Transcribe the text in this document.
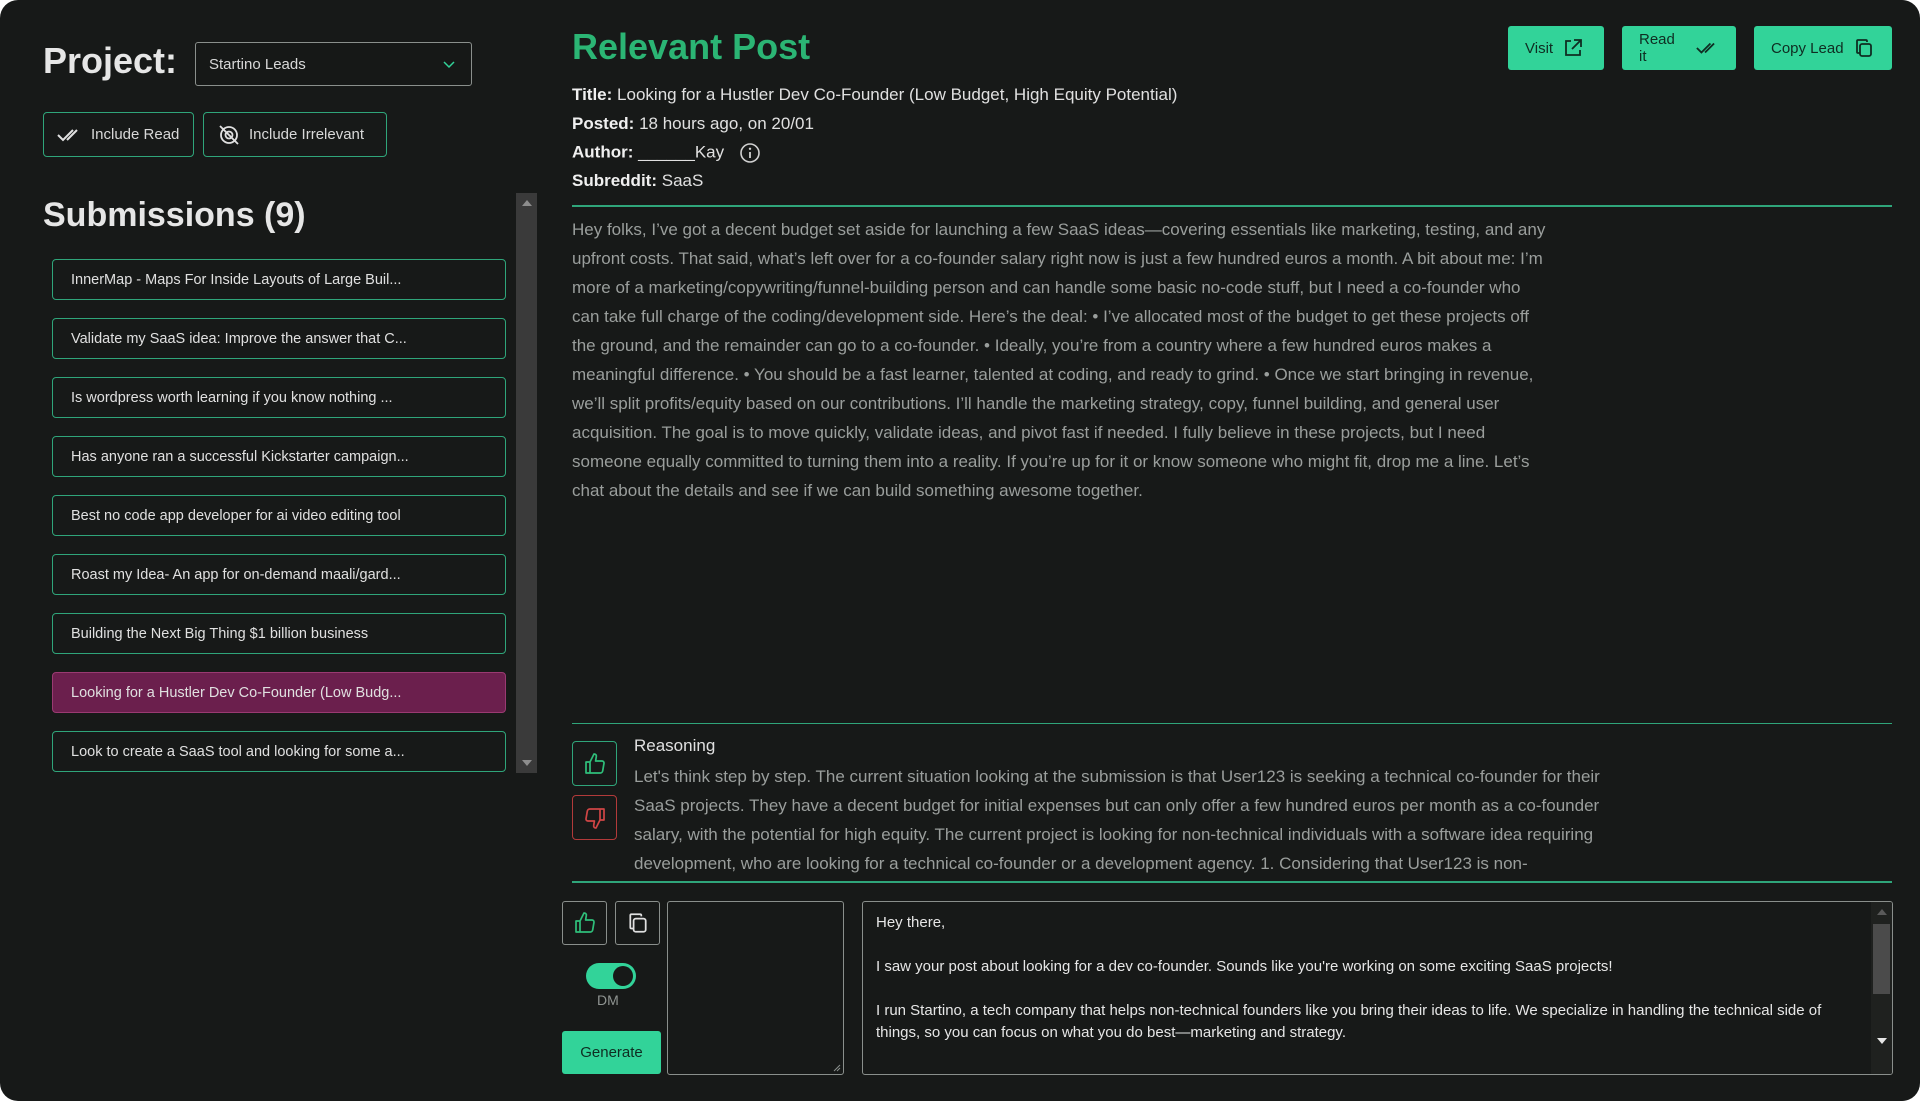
Project: Startino Leads
Include Read	Include Irrelevant
Submissions (9)
InnerMap - Maps For Inside Layouts of Large Buil...
Validate my SaaS idea: Improve the answer that C...
Is wordpress worth learning if you know nothing ...
Has anyone ran a successful Kickstarter campaign...
Best no code app developer for ai video editing tool
Roast my Idea- An app for on-demand maali/gard...
Building the Next Big Thing $1 billion business
Looking for a Hustler Dev Co-Founder (Low Budg...
Look to create a SaaS tool and looking for some a...
Relevant Post	Visit	Read it	Copy Lead
Title: Looking for a Hustler Dev Co-Founder (Low Budget, High Equity Potential)
Posted: 18 hours ago, on 20/01
Author: ______Kay
Subreddit: SaaS
Hey folks, I’ve got a decent budget set aside for launching a few SaaS ideas—covering essentials like marketing, testing, and any upfront costs. That said, what’s left over for a co-founder salary right now is just a few hundred euros a month. A bit about me: I’m more of a marketing/copywriting/funnel-building person and can handle some basic no-code stuff, but I need a co-founder who can take full charge of the coding/development side. Here’s the deal: • I’ve allocated most of the budget to get these projects off the ground, and the remainder can go to a co-founder. • Ideally, you’re from a country where a few hundred euros makes a meaningful difference. • You should be a fast learner, talented at coding, and ready to grind. • Once we start bringing in revenue, we’ll split profits/equity based on our contributions. I’ll handle the marketing strategy, copy, funnel building, and general user acquisition. The goal is to move quickly, validate ideas, and pivot fast if needed. I fully believe in these projects, but I need someone equally committed to turning them into a reality. If you’re up for it or know someone who might fit, drop me a line. Let’s chat about the details and see if we can build something awesome together.
Reasoning
Let's think step by step. The current situation looking at the submission is that User123 is seeking a technical co-founder for their SaaS projects. They have a decent budget for initial expenses but can only offer a few hundred euros per month as a co-founder salary, with the potential for high equity. The current project is looking for non-technical individuals with a software idea requiring development, who are looking for a technical co-founder or a development agency. 1. Considering that User123 is non-
DM
Generate

Hey there,

I saw your post about looking for a dev co-founder. Sounds like you're working on some exciting SaaS projects!

I run Startino, a tech company that helps non-technical founders like you bring their ideas to life. We specialize in handling the technical side of things, so you can focus on what you do best—marketing and strategy.
